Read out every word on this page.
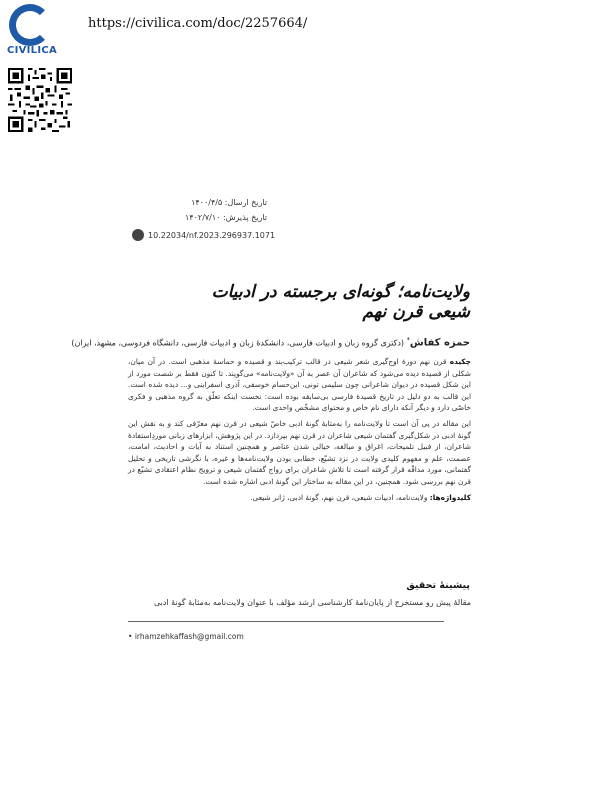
CIVILICA
https://civilica.com/doc/2257664/
تاریخ ارسال: ۱۴۰۰/۴/۵
تاریخ پذیرش: ۱۴۰۲/۷/۱۰
10.22034/nf.2023.296937.1071
ولایت‌نامه؛ گونه‌ای برجسته در ادبیات شیعی قرن نهم
حمزه کفاش* (دکتری گروه زبان و ادبیات فارسی، دانشکدهٔ زبان و ادبیات فارسی، دانشگاه فردوسی، مشهد، ایران)

چکیده قرن نهم دورهٔ اوج‌گیری شعر شیعی در قالب ترکیب‌بند و قصیده و حماسهٔ مذهبی است. در آن میان، شکلی از قصیده دیده می‌شود که شاعران آن عصر به آن «ولایت‌نامه» می‌گویند. تا کنون فقط بر شصت مورد از این شکل قصیده در دیوان شاعرانی چون سلیمی تونی، ابن‌حسام خوسفی، آذری اسفراینی و... دیده شده است. این قالب به دو دلیل در تاریخ قصیدهٔ فارسی بی‌سابقه بوده است: نخست اینکه تعلّق به گروه مذهبی و فکری خاصّی دارد و دیگر آنکه دارای نام خاص و محتوای مشخّص واحدی است.

این مقاله در پی آن است تا ولایت‌نامه را به‌مثابهٔ گونهٔ ادبی خاصّ شیعی در قرن نهم معرّفی کند و به نقش این گونهٔ ادبی در شکل‌گیری گفتمان شیعی شاعران در قرن نهم بپردازد. در این پژوهش، ابزارهای زبانی موردِاستفادهٔ شاعران، از قبیل تلمیحات، اغراق و مبالغه، خیالی شدن عناصر و همچنین استناد به آیات و احادیث، امامت، عصمت، علم و مفهوم کلیدی ولایت در نزد تشیّع، خطابی بودن ولایت‌نامه‌ها و غیره، با نگرشی تاریخی و تحلیل گفتمانی، مورد مداقّه قرار گرفته است تا تلاش شاعران برای رواج گفتمان شیعی و ترویج نظام اعتقادی تشیّع در قرن نهم بررسی شود. همچنین، در این مقاله به ساختار این گونهٔ ادبی اشاره شده است.

کلیدواژه‌ها: ولایت‌نامه، ادبیات شیعی، قرن نهم، گونهٔ ادبی، ژانر شیعی.
پیشینهٔ تحقیق
مقالهٔ پیش رو مستخرج از پایان‌نامهٔ کارشناسی ارشد مؤلّف با عنوان ولایت‌نامه به‌مثابهٔ گونهٔ ادبی
• irhamzehkaffash@gmail.com
